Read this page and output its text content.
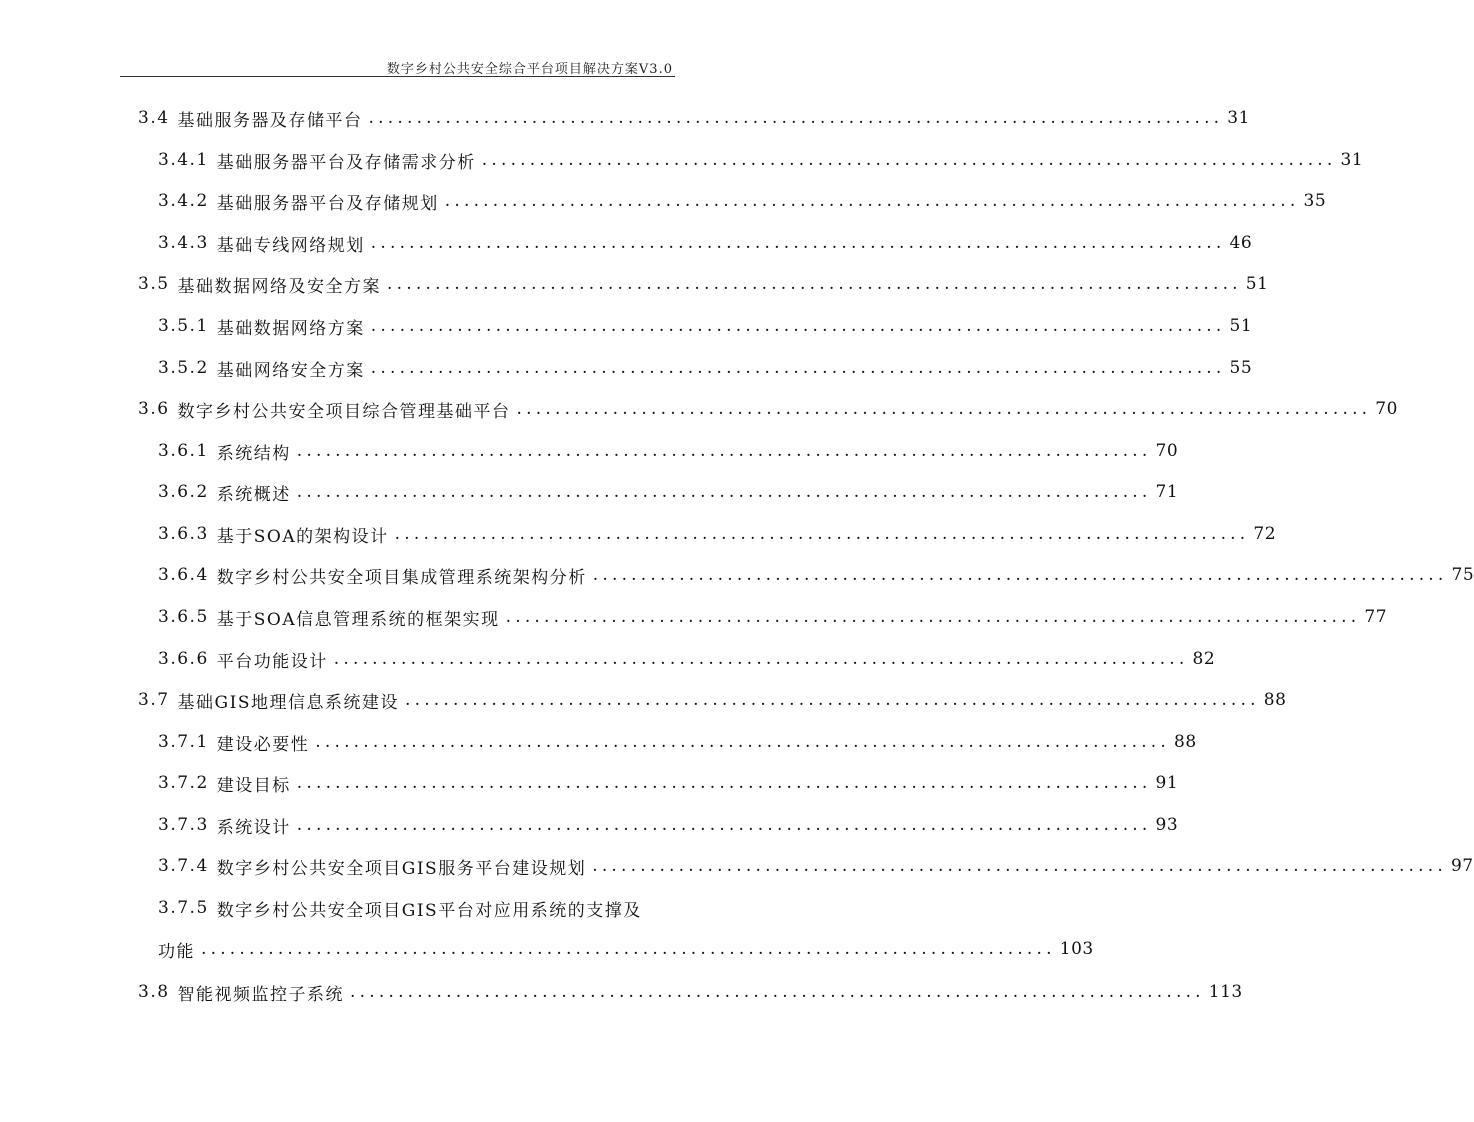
数字乡村公共安全综合平台项目解决方案V3.0
3.4 基础服务器及存储平台 ......................................................................................... 31
3.4.1 基础服务器平台及存储需求分析 ......................................................................................... 31
3.4.2 基础服务器平台及存储规划 ......................................................................................... 35
3.4.3 基础专线网络规划 ......................................................................................... 46
3.5 基础数据网络及安全方案 ......................................................................................... 51
3.5.1 基础数据网络方案 ......................................................................................... 51
3.5.2 基础网络安全方案 ......................................................................................... 55
3.6 数字乡村公共安全项目综合管理基础平台 ......................................................................................... 70
3.6.1 系统结构 ......................................................................................... 70
3.6.2 系统概述 ......................................................................................... 71
3.6.3 基于SOA的架构设计 ......................................................................................... 72
3.6.4 数字乡村公共安全项目集成管理系统架构分析 ......................................................................................... 75
3.6.5 基于SOA信息管理系统的框架实现 ......................................................................................... 77
3.6.6 平台功能设计 ......................................................................................... 82
3.7 基础GIS地理信息系统建设 ......................................................................................... 88
3.7.1 建设必要性 ......................................................................................... 88
3.7.2 建设目标 ......................................................................................... 91
3.7.3 系统设计 ......................................................................................... 93
3.7.4 数字乡村公共安全项目GIS服务平台建设规划 ......................................................................................... 97
3.7.5 数字乡村公共安全项目GIS平台对应用系统的支撑及
功能 ......................................................................................... 103
3.8 智能视频监控子系统 ......................................................................................... 113
